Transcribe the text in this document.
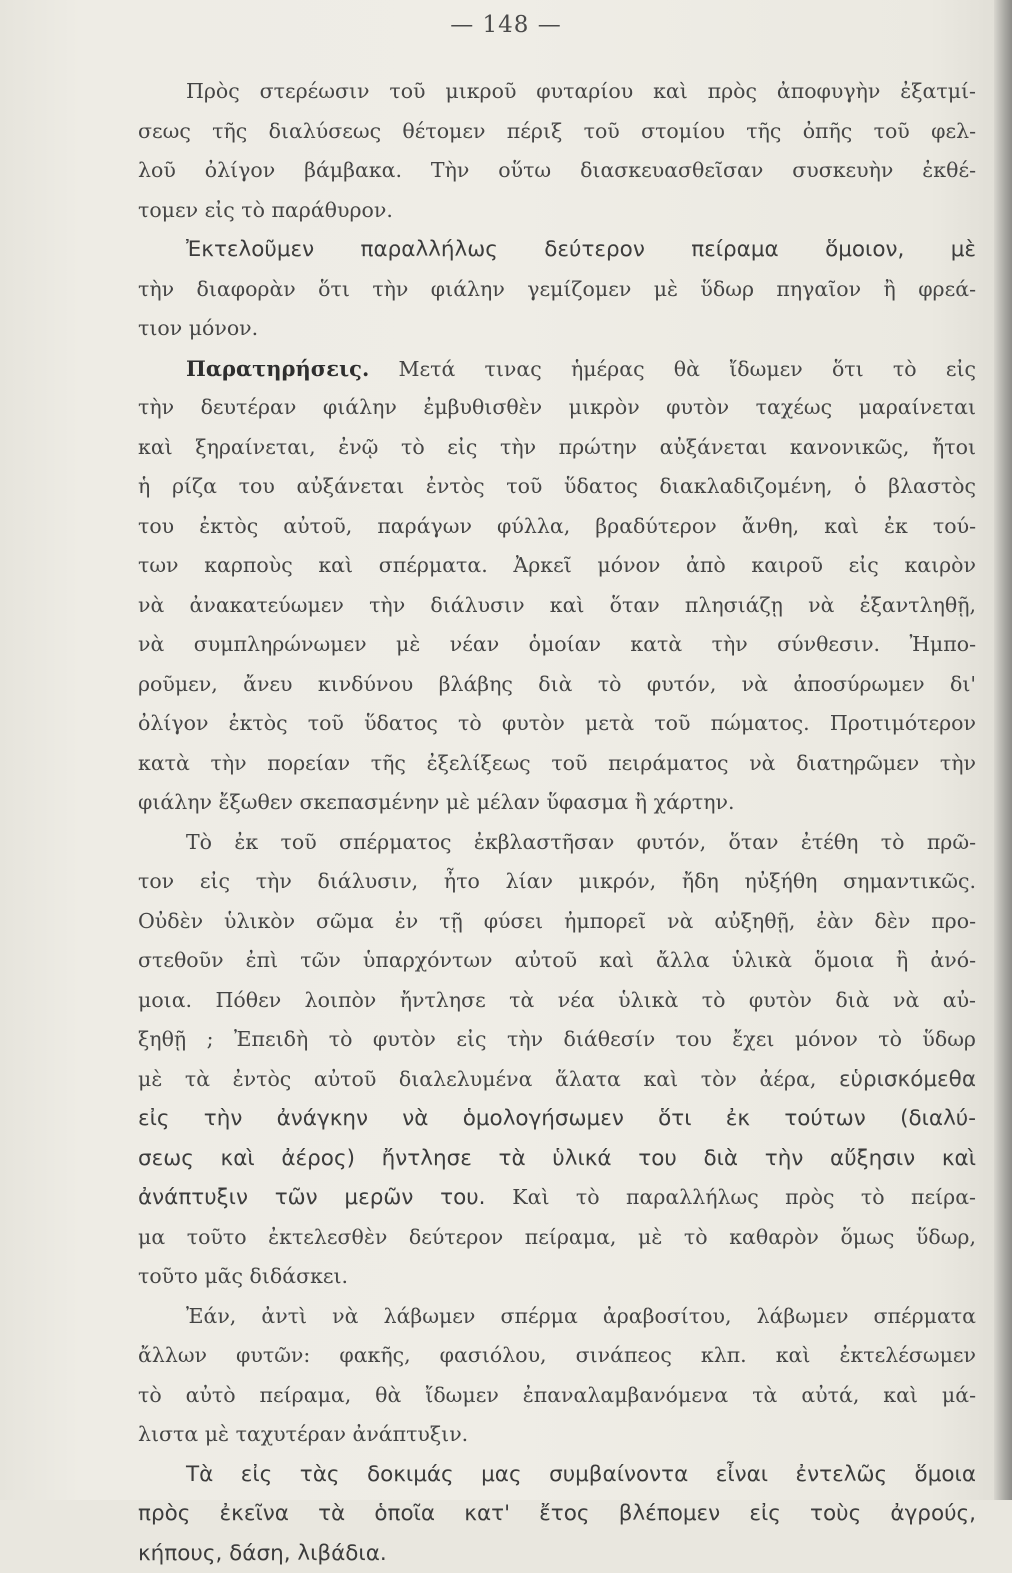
— 148 —
Πρὸς στερέωσιν τοῦ μικροῦ φυταρίου καὶ πρὸς ἀποφυγὴν ἐξατμί-
σεως τῆς διαλύσεως θέτομεν πέριξ τοῦ στομίου τῆς ὀπῆς τοῦ φελ-
λοῦ ὀλίγον βάμβακα. Τὴν οὕτω διασκευασθεῖσαν συσκευὴν ἐκθέ-
τομεν εἰς τὸ παράθυρον.
Ἐκτελοῦμεν παραλλήλως δεύτερον πείραμα ὅμοιον, μὲ
τὴν διαφορὰν ὅτι τὴν φιάλην γεμίζομεν μὲ ὕδωρ πηγαῖον ἢ φρεά-
τιον μόνον.
Παρατηρήσεις. Μετά τινας ἡμέρας θὰ ἴδωμεν ὅτι τὸ εἰς
τὴν δευτέραν φιάλην ἐμβυθισθὲν μικρὸν φυτὸν ταχέως μαραίνεται
καὶ ξηραίνεται, ἐνῷ τὸ εἰς τὴν πρώτην αὐξάνεται κανονικῶς, ἤτοι
ἡ ρίζα του αὐξάνεται ἐντὸς τοῦ ὕδατος διακλαδιζομένη, ὁ βλαστὸς
του ἐκτὸς αὐτοῦ, παράγων φύλλα, βραδύτερον ἄνθη, καὶ ἐκ τού-
των καρποὺς καὶ σπέρματα. Ἀρκεῖ μόνον ἀπὸ καιροῦ εἰς καιρὸν
νὰ ἀνακατεύωμεν τὴν διάλυσιν καὶ ὅταν πλησιάζῃ νὰ ἐξαντληθῇ,
νὰ συμπληρώνωμεν μὲ νέαν ὁμοίαν κατὰ τὴν σύνθεσιν. Ἠμπο-
ροῦμεν, ἄνευ κινδύνου βλάβης διὰ τὸ φυτόν, νὰ ἀποσύρωμεν δι'
ὀλίγον ἐκτὸς τοῦ ὕδατος τὸ φυτὸν μετὰ τοῦ πώματος. Προτιμότερον
κατὰ τὴν πορείαν τῆς ἐξελίξεως τοῦ πειράματος νὰ διατηρῶμεν τὴν
φιάλην ἔξωθεν σκεπασμένην μὲ μέλαν ὕφασμα ἢ χάρτην.
Τὸ ἐκ τοῦ σπέρματος ἐκβλαστῆσαν φυτόν, ὅταν ἐτέθη τὸ πρῶ-
τον εἰς τὴν διάλυσιν, ἦτο λίαν μικρόν, ἤδη ηὐξήθη σημαντικῶς.
Οὐδὲν ὑλικὸν σῶμα ἐν τῇ φύσει ἠμπορεῖ νὰ αὐξηθῇ, ἐὰν δὲν προ-
στεθοῦν ἐπὶ τῶν ὑπαρχόντων αὐτοῦ καὶ ἄλλα ὑλικὰ ὅμοια ἢ ἀνό-
μοια. Πόθεν λοιπὸν ἤντλησε τὰ νέα ὑλικὰ τὸ φυτὸν διὰ νὰ αὐ-
ξηθῇ ; Ἐπειδὴ τὸ φυτὸν εἰς τὴν διάθεσίν του ἔχει μόνον τὸ ὕδωρ
μὲ τὰ ἐντὸς αὐτοῦ διαλελυμένα ἅλατα καὶ τὸν ἀέρα, εὑρισκόμεθα
εἰς τὴν ἀνάγκην νὰ ὁμολογήσωμεν ὅτι ἐκ τούτων (διαλύ-
σεως καὶ ἀέρος) ἤντλησε τὰ ὑλικά του διὰ τὴν αὔξησιν καὶ
ἀνάπτυξιν τῶν μερῶν του. Καὶ τὸ παραλλήλως πρὸς τὸ πείρα-
μα τοῦτο ἐκτελεσθὲν δεύτερον πείραμα, μὲ τὸ καθαρὸν ὅμως ὕδωρ,
τοῦτο μᾶς διδάσκει.
Ἐάν, ἀντὶ νὰ λάβωμεν σπέρμα ἀραβοσίτου, λάβωμεν σπέρματα
ἄλλων φυτῶν: φακῆς, φασιόλου, σινάπεος κλπ. καὶ ἐκτελέσωμεν
τὸ αὐτὸ πείραμα, θὰ ἴδωμεν ἐπαναλαμβανόμενα τὰ αὐτά, καὶ μά-
λιστα μὲ ταχυτέραν ἀνάπτυξιν.
Τὰ εἰς τὰς δοκιμάς μας συμβαίνοντα εἶναι ἐντελῶς ὅμοια
πρὸς ἐκεῖνα τὰ ὁποῖα κατ' ἔτος βλέπομεν εἰς τοὺς ἀγρούς,
κήπους, δάση, λιβάδια.
